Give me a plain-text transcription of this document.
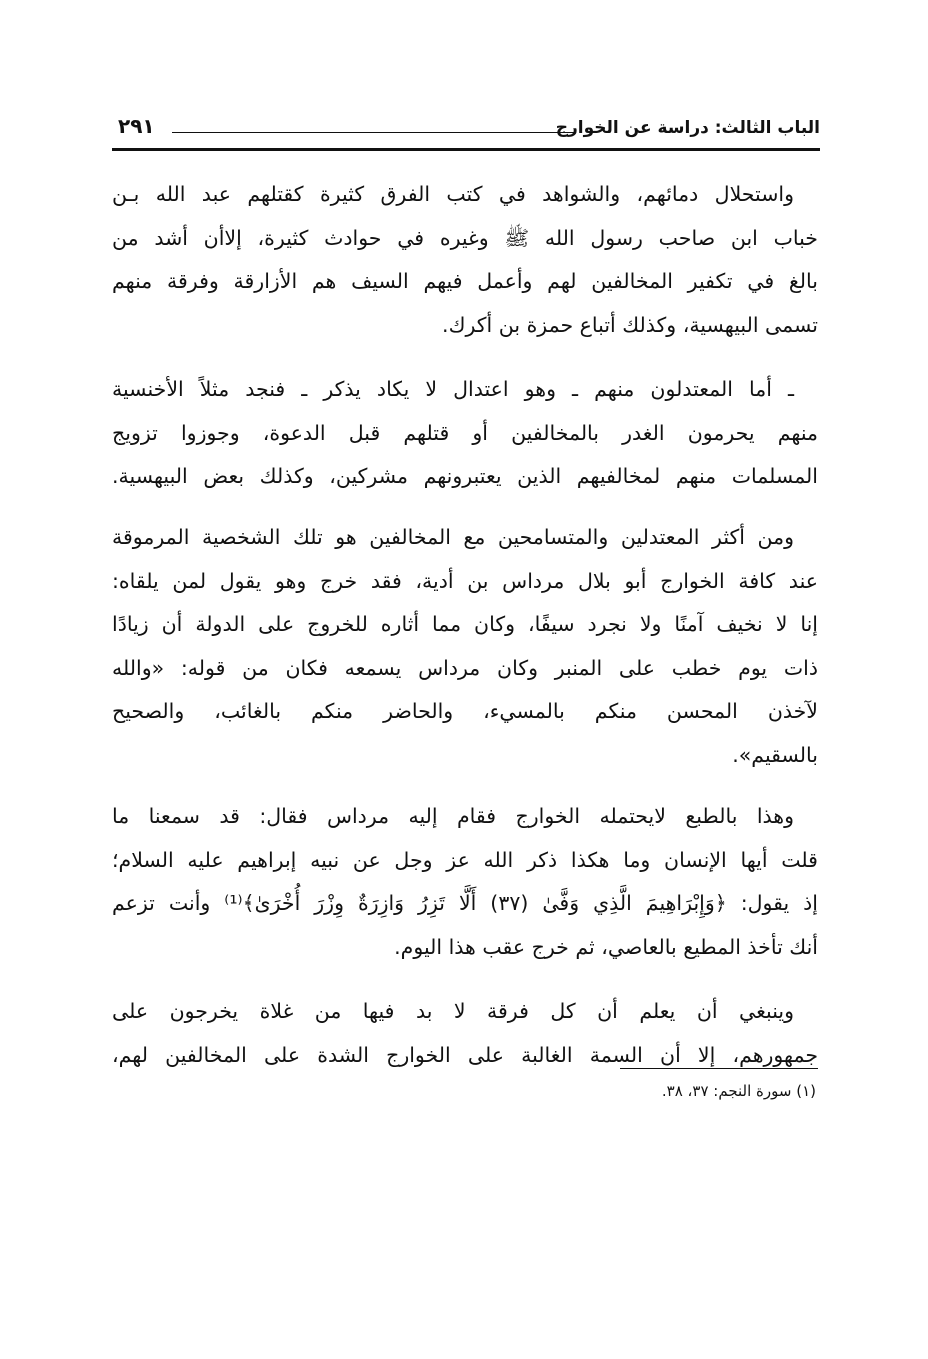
الباب الثالث: دراسة عن الخوارج
٢٩١
واستحلال دمائهم، والشواهد في كتب الفرق كثيرة كقتلهم عبد الله بـن
خباب ابن صاحب رسول الله ﷺ وغيره في حوادث كثيرة، إلاأن أشد من
بالغ في تكفير المخالفين لهم وأعمل فيهم السيف هم الأزارقة وفرقة منهم
تسمى البيهسية، وكذلك أتباع حمزة بن أكرك.
ـ أما المعتدلون منهم ـ وهو اعتدال لا يكاد يذكر ـ فنجد مثلاً الأخنسية
منهم يحرمون الغدر بالمخالفين أو قتلهم قبل الدعوة، وجوزوا تزويج
المسلمات منهم لمخالفيهم الذين يعتبرونهم مشركين، وكذلك بعض البيهسية.
ومن أكثر المعتدلين والمتسامحين مع المخالفين هو تلك الشخصية المرموقة
عند كافة الخوارج أبو بلال مرداس بن أدية، فقد خرج وهو يقول لمن يلقاه:
إنا لا نخيف آمنًا ولا نجرد سيفًا، وكان مما أثاره للخروج على الدولة أن زيادًا
ذات يوم خطب على المنبر وكان مرداس يسمعه فكان من قوله: «والله
لآخذن المحسن منكم بالمسيء، والحاضر منكم بالغائب، والصحيح
بالسقيم».
وهذا بالطبع لايحتمله الخوارج فقام إليه مرداس فقال: قد سمعنا ما
قلت أيها الإنسان وما هكذا ذكر الله عز وجل عن نبيه إبراهيم عليه السلام؛
إذ يقول: ﴿وَإِبْرَاهِيمَ الَّذِي وَفَّىٰ (٣٧) أَلَّا تَزِرُ وَازِرَةٌ وِزْرَ أُخْرَىٰ﴾⁽¹⁾ وأنت تزعم
أنك تأخذ المطيع بالعاصي، ثم خرج عقب هذا اليوم.
وينبغي أن يعلم أن كل فرقة لا بد فيها من غلاة يخرجون على
جمهورهم، إلا أن السمة الغالبة على الخوارج الشدة على المخالفين لهم،
(١) سورة النجم: ٣٧، ٣٨.
